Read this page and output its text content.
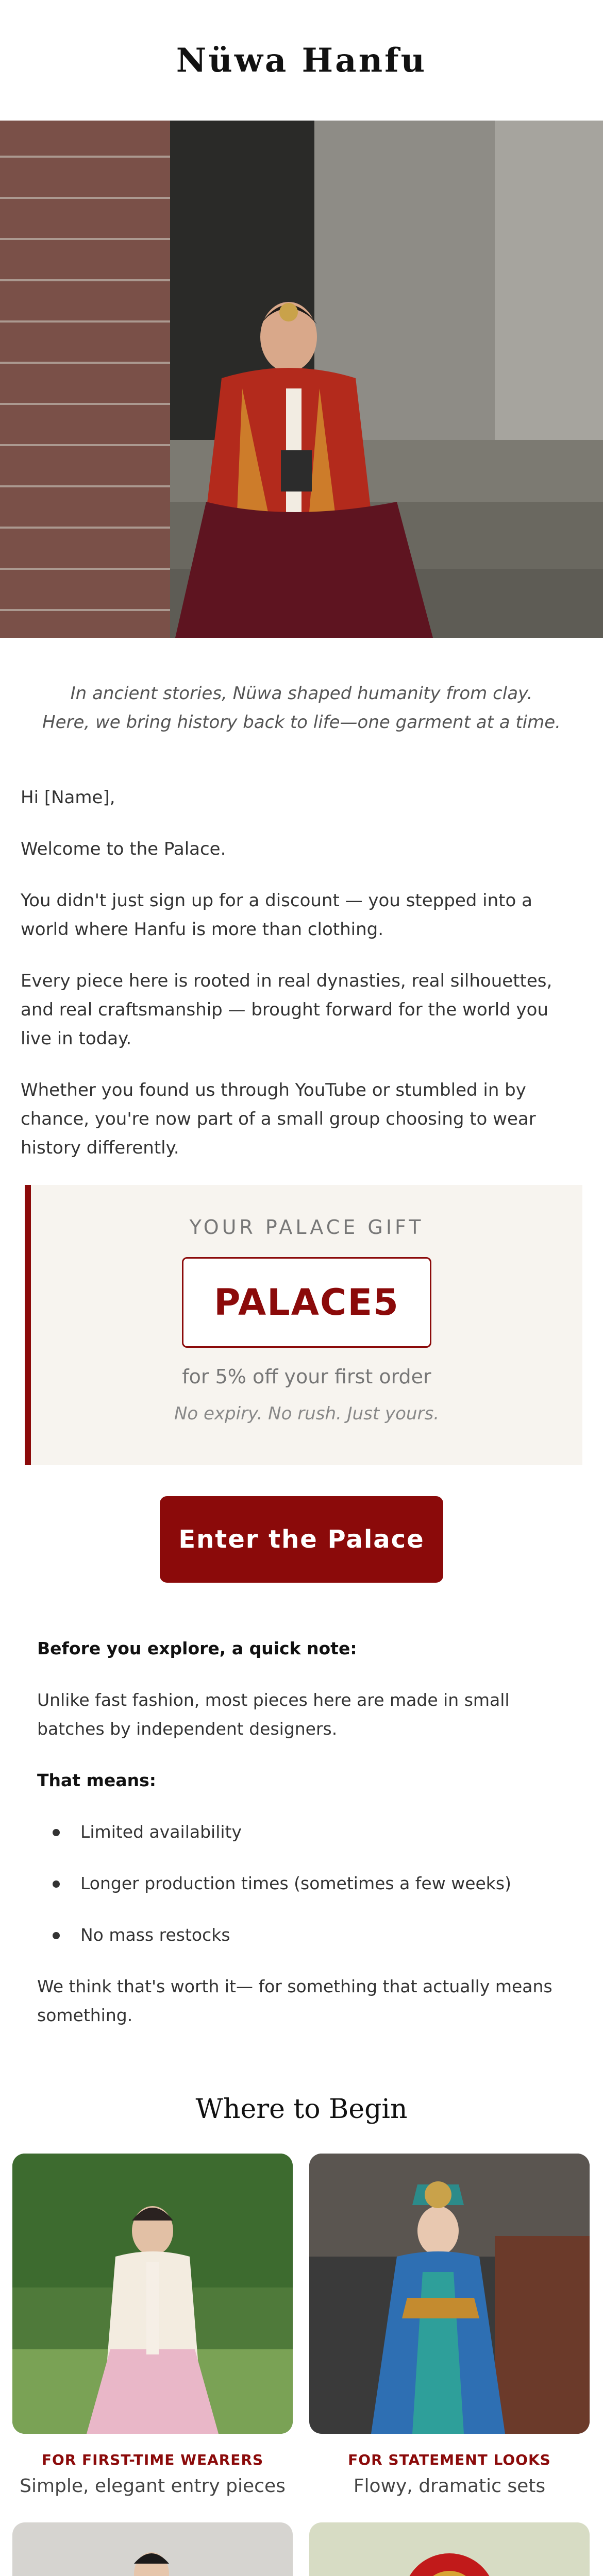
Nüwa Hanfu

In ancient stories, Nüwa shaped humanity from clay.

Here, we bring history back to life—one garment at a time.

Hi [Name],

Welcome to the Palace.

You didn't just sign up for a discount — you stepped into a world where Hanfu is more than clothing.

Every piece here is rooted in real dynasties, real silhouettes, and real craftsmanship — brought forward for the world you live in today.

Whether you found us through YouTube or stumbled in by chance, you're now part of a small group choosing to wear history differently.

YOUR PALACE GIFT
PALACE5
for 5% off your first order
No expiry. No rush. Just yours.
Enter the Palace

Before you explore, a quick note:

Unlike fast fashion, most pieces here are made in small batches by independent designers.

That means:

Limited availability
Longer production times (sometimes a few weeks)
No mass restocks

We think that's worth it— for something that actually means something.

Where to Begin
FOR FIRST-TIME WEARERS
Simple, elegant entry pieces
FOR STATEMENT LOOKS
Flowy, dramatic sets
